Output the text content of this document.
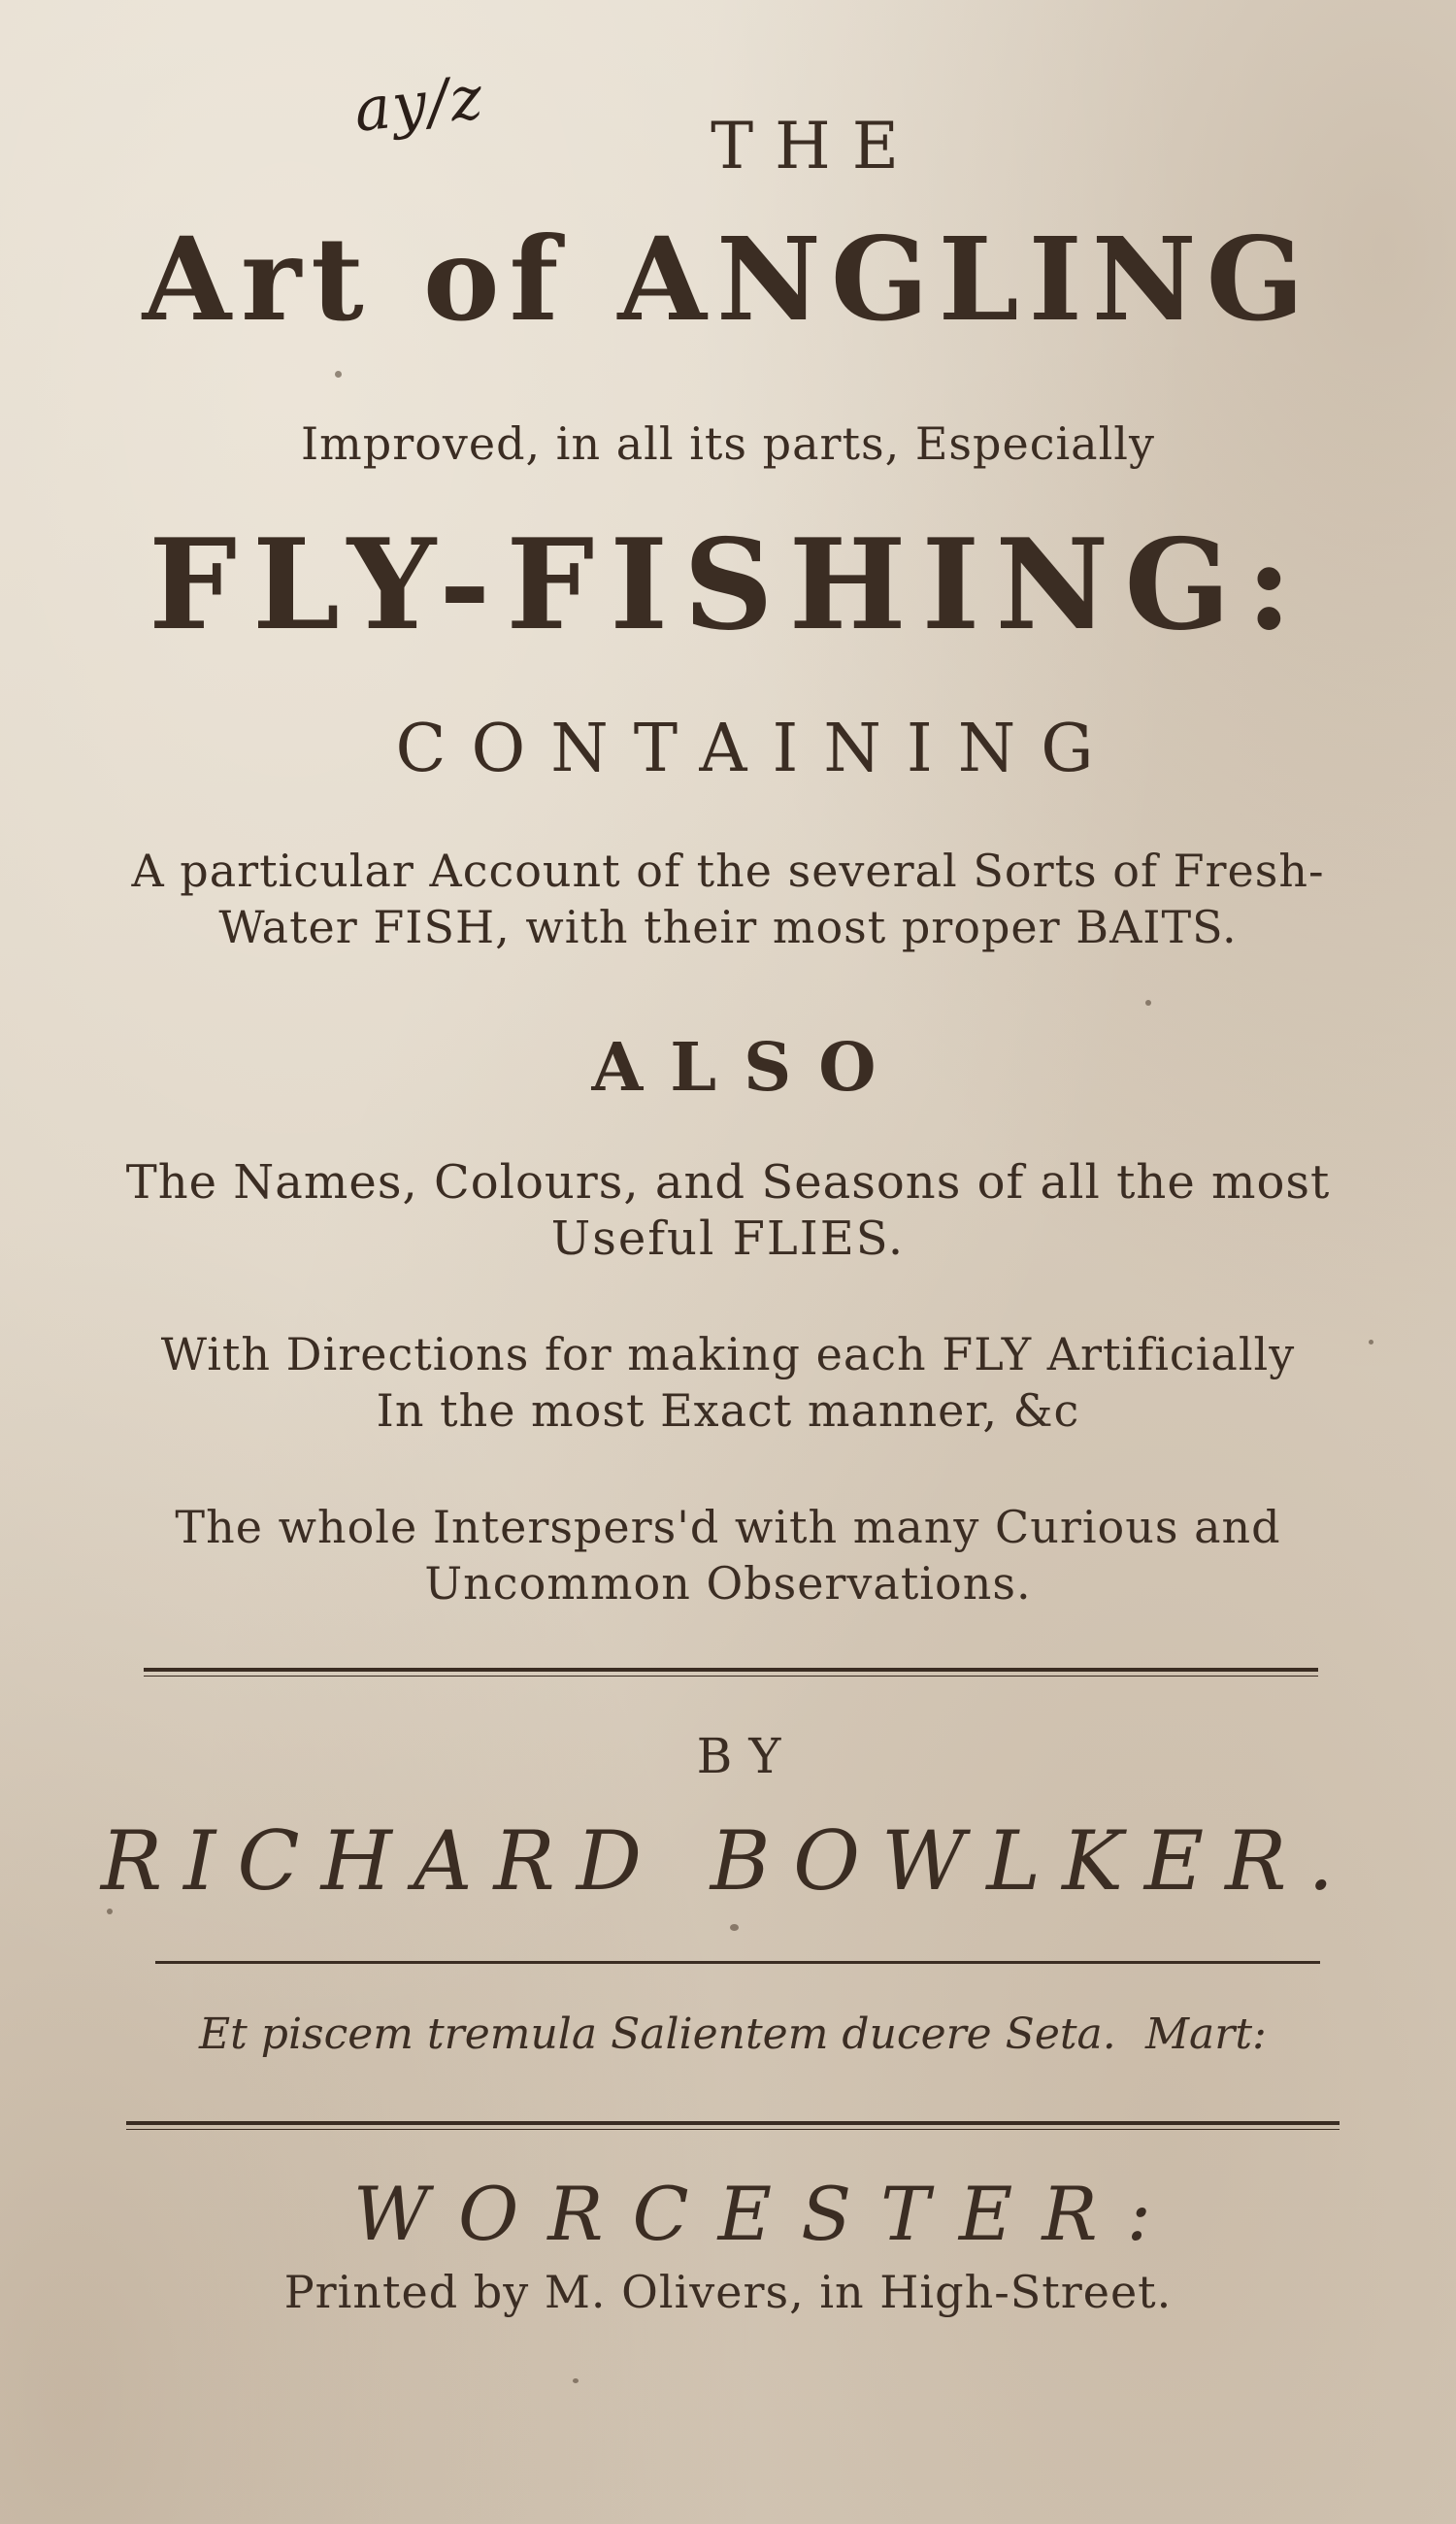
ay/z
THE
Art of ANGLING
Improved, in all its parts, Especially
FLY-FISHING:
CONTAINING
A particular Account of the several Sorts of Fresh-
Water FISH, with their most proper BAITS.
ALSO
The Names, Colours, and Seasons of all the most
Useful FLIES.
With Directions for making each FLY Artificially
In the most Exact manner, &c
The whole Interspers'd with many Curious and
Uncommon Observations.
BY
RICHARD BOWLKER.
Et piscem tremula Salientem ducere Seta. Mart:
WORCESTER:
Printed by M. Olivers, in High-Street.
